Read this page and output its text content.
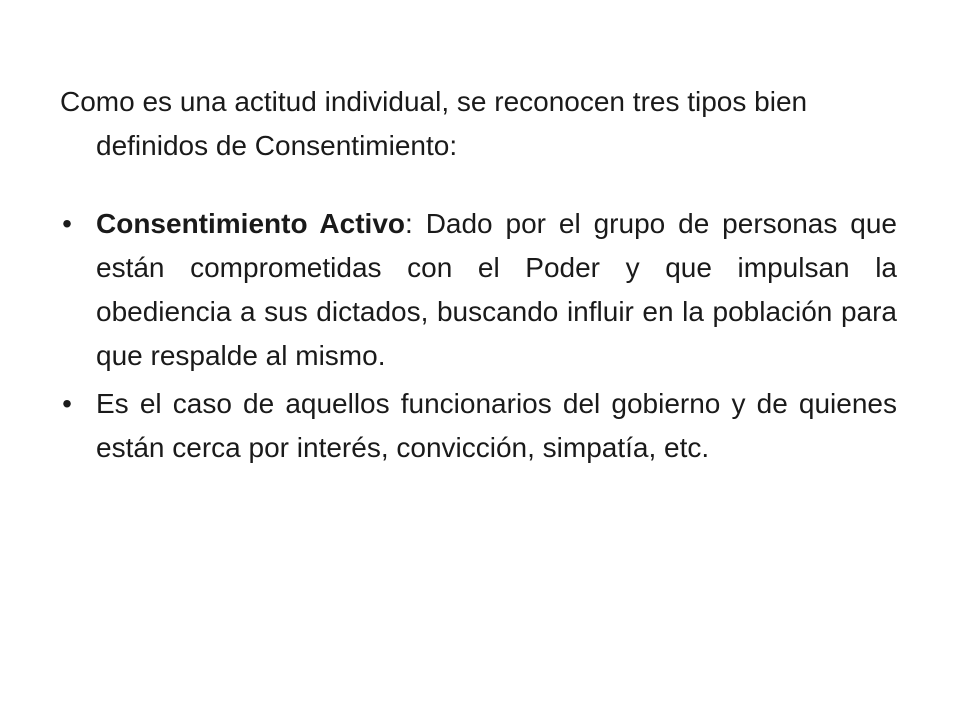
Como es una actitud individual, se reconocen tres tipos bien definidos de Consentimiento:

• Consentimiento Activo: Dado por el grupo de personas que están comprometidas con el Poder y que impulsan la obediencia a sus dictados, buscando influir en la población para que respalde al mismo.
• Es el caso de aquellos funcionarios del gobierno y de quienes están cerca por interés, convicción, simpatía, etc.
